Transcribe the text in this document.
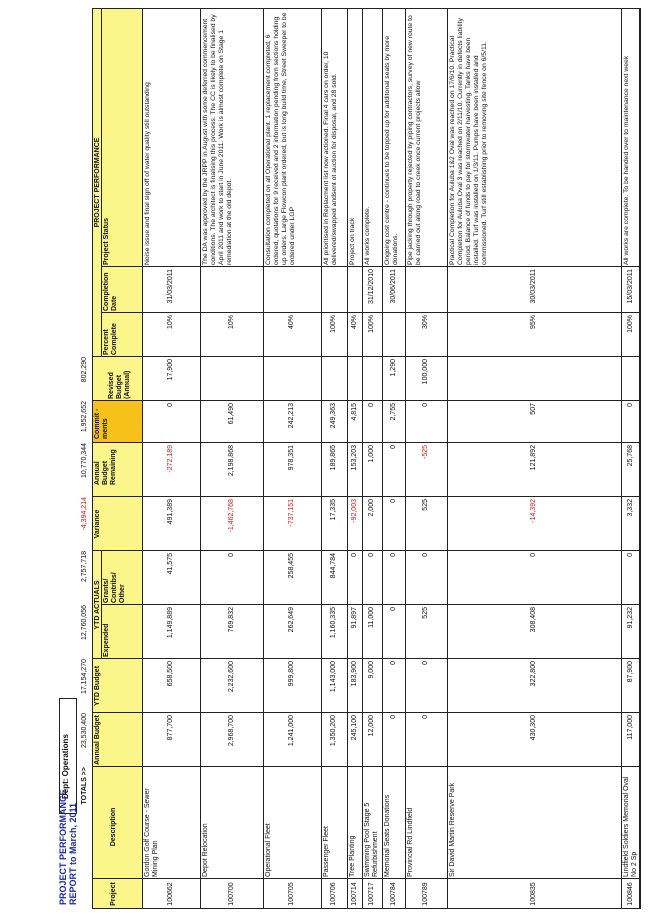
PROJECT PERFORMANCE REPORT to March, 2011
Dept: Operations TOTALS >>
23,530,400
17,154,270
12,760,056
2,757,718
-4,394,214
10,770,344
1,952,652
802,290
Project
Description
Annual Budget
YTD Budget
YTD ACTUALS
Expended
Grants/ Contribs/ Other
Variance
Annual Budget Remaining
Commit -ments
Revised Budget (Annual)
PROJECT PERFORMANCE
Percent Complete
Completion Date
Project Status
100662
Gordon Golf Course - Sewer Mining Plan
877,700
658,500
1,149,889
41,575
491,389
-272,189
0
17,900
10%
31/03/2011
Noise issue and final sign off of water quality still outstanding
100700
Depot Relocation
2,968,700
2,232,600
769,832
0
-1,462,768
2,198,868
61,490
10%
The DA was approved by the JRPP in August with some deferred commencement conditions. The architect is finalising this process. The CC is likely to be finalised by April 2011 and work to start in June 2011. Work is almost complete on Stage 1 remediation at the old depot.
100705
Operational Fleet
1,241,000
999,800
262,649
258,455
-737,151
978,351
242,213
40%
Consultation completed on all Operational plant. 1 replacement completed, 6 ordered, quotations for 9 received and 2 information pending from sections holding up orders. Large Flowcon plant ordered, but is long build time, Street Sweeper to be ordered under LGP
100706
Passenger Fleet
1,350,200
1,143,000
1,160,335
844,784
17,335
189,865
249,363
100%
All prioritised in Replacment list now actioned. Final 4 cars on order, 10 delivered/swapped andsent ot auction for disposal, and 28 sold.
100714
Tree Planting
245,100
183,900
91,897
0
-92,003
153,203
4,815
40%
Project on track
100717
Swimming Pool Stage 5 Refurbishment
12,000
9,000
11,000
0
2,000
1,000
0
100%
31/12/2010
All works complete.
100784
Memorial Seats Donations
0
0
0
0
0
0
2,755
1,290
30/06/2011
Ongoing cost centre - continues to be topped up for additonal seats by more donations.
100789
Provincial Rd Lindfield
0
0
525
0
525
-525
0
100,000
30%
Pipe jacking through property rejected by piping contractors, survey of new route to be carried out along road to creek once current projects allow
100835
Sir David Martin Reserve Park
430,300
322,800
308,408
0
-14,392
121,892
507
95%
30/03/2011
Practical Completion for Auluba 1&2 Oval was reached on 17/6/10. Practical Completion for Auluba Oval 3 was reached on 2/11/10. Currently in defects liability period. Balance of funds to pay for stormwater harvesting. Tanks have been installed. Turf was installed on 1/3/11. Pumps have been installed and commissioned. Turf still establishing prior to removing site fence on 6/5/11.
100846
Lindfield Soldiers Memorial Oval No 2 Sp
117,000
87,900
91,232
0
3,332
25,768
0
100%
15/03/2011
All works are complete. To be handed over to maintenance next week
